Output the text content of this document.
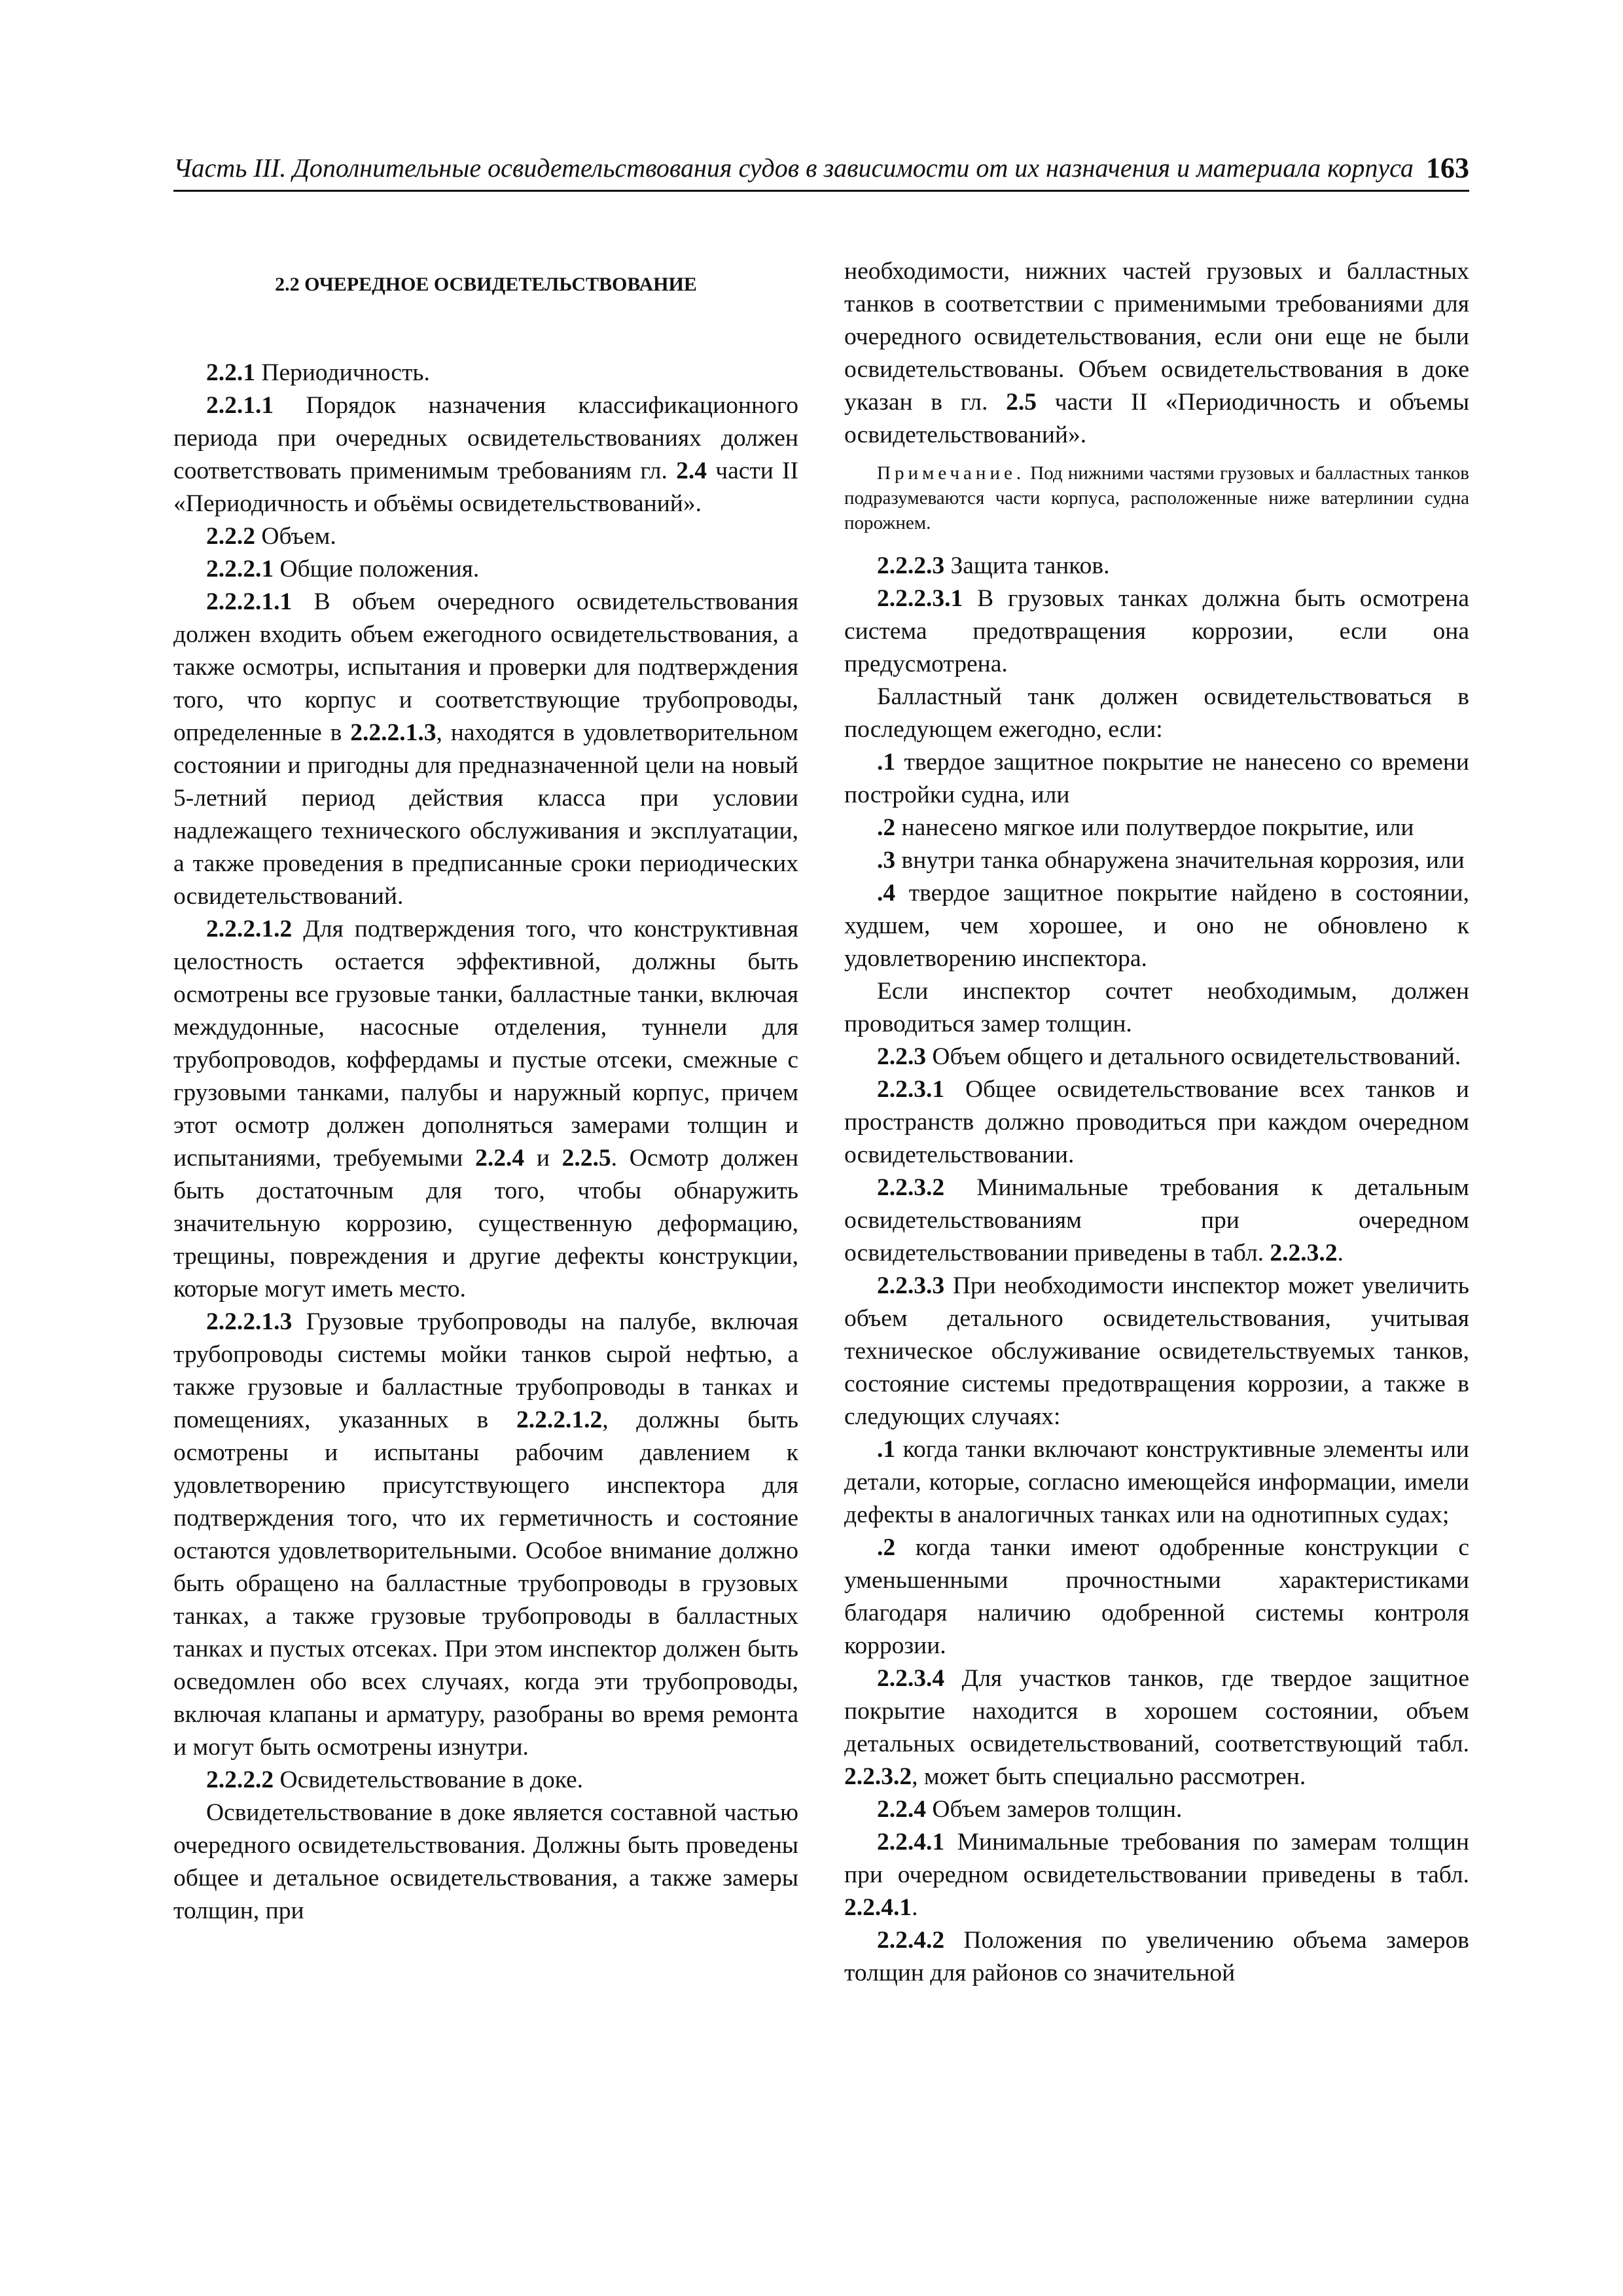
Часть III. Дополнительные освидетельствования судов в зависимости от их назначения и материала корпуса 163

2.2 ОЧЕРЕДНОЕ ОСВИДЕТЕЛЬСТВОВАНИЕ

2.2.1 Периодичность.

2.2.1.1 Порядок назначения классификационного периода при очередных освидетельствованиях должен соответствовать применимым требованиям гл. 2.4 части II «Периодичность и объёмы освидетельствований».

2.2.2 Объем.

2.2.2.1 Общие положения.

2.2.2.1.1 В объем очередного освидетельствования должен входить объем ежегодного освидетельствования, а также осмотры, испытания и проверки для подтверждения того, что корпус и соответствующие трубопроводы, определенные в 2.2.2.1.3, находятся в удовлетворительном состоянии и пригодны для предназначенной цели на новый 5-летний период действия класса при условии надлежащего технического обслуживания и эксплуатации, а также проведения в предписанные сроки периодических освидетельствований.

2.2.2.1.2 Для подтверждения того, что конструктивная целостность остается эффективной, должны быть осмотрены все грузовые танки, балластные танки, включая междудонные, насосные отделения, туннели для трубопроводов, коффердамы и пустые отсеки, смежные с грузовыми танками, палубы и наружный корпус, причем этот осмотр должен дополняться замерами толщин и испытаниями, требуемыми 2.2.4 и 2.2.5. Осмотр должен быть достаточным для того, чтобы обнаружить значительную коррозию, существенную деформацию, трещины, повреждения и другие дефекты конструкции, которые могут иметь место.

2.2.2.1.3 Грузовые трубопроводы на палубе, включая трубопроводы системы мойки танков сырой нефтью, а также грузовые и балластные трубопроводы в танках и помещениях, указанных в 2.2.2.1.2, должны быть осмотрены и испытаны рабочим давлением к удовлетворению присутствующего инспектора для подтверждения того, что их герметичность и состояние остаются удовлетворительными. Особое внимание должно быть обращено на балластные трубопроводы в грузовых танках, а также грузовые трубопроводы в балластных танках и пустых отсеках. При этом инспектор должен быть осведомлен обо всех случаях, когда эти трубопроводы, включая клапаны и арматуру, разобраны во время ремонта и могут быть осмотрены изнутри.

2.2.2.2 Освидетельствование в доке.

Освидетельствование в доке является составной частью очередного освидетельствования. Должны быть проведены общее и детальное освидетельствования, а также замеры толщин, при

необходимости, нижних частей грузовых и балластных танков в соответствии с применимыми требованиями для очередного освидетельствования, если они еще не были освидетельствованы. Объем освидетельствования в доке указан в гл. 2.5 части II «Периодичность и объемы освидетельствований».

Примечание. Под нижними частями грузовых и балластных танков подразумеваются части корпуса, расположенные ниже ватерлинии судна порожнем.

2.2.2.3 Защита танков.

2.2.2.3.1 В грузовых танках должна быть осмотрена система предотвращения коррозии, если она предусмотрена.

Балластный танк должен освидетельствоваться в последующем ежегодно, если:

.1 твердое защитное покрытие не нанесено со времени постройки судна, или

.2 нанесено мягкое или полутвердое покрытие, или

.3 внутри танка обнаружена значительная коррозия, или

.4 твердое защитное покрытие найдено в состоянии, худшем, чем хорошее, и оно не обновлено к удовлетворению инспектора.

Если инспектор сочтет необходимым, должен проводиться замер толщин.

2.2.3 Объем общего и детального освидетельствований.

2.2.3.1 Общее освидетельствование всех танков и пространств должно проводиться при каждом очередном освидетельствовании.

2.2.3.2 Минимальные требования к детальным освидетельствованиям при очередном освидетельствовании приведены в табл. 2.2.3.2.

2.2.3.3 При необходимости инспектор может увеличить объем детального освидетельствования, учитывая техническое обслуживание освидетельствуемых танков, состояние системы предотвращения коррозии, а также в следующих случаях:

.1 когда танки включают конструктивные элементы или детали, которые, согласно имеющейся информации, имели дефекты в аналогичных танках или на однотипных судах;

.2 когда танки имеют одобренные конструкции с уменьшенными прочностными характеристиками благодаря наличию одобренной системы контроля коррозии.

2.2.3.4 Для участков танков, где твердое защитное покрытие находится в хорошем состоянии, объем детальных освидетельствований, соответствующий табл. 2.2.3.2, может быть специально рассмотрен.

2.2.4 Объем замеров толщин.

2.2.4.1 Минимальные требования по замерам толщин при очередном освидетельствовании приведены в табл. 2.2.4.1.

2.2.4.2 Положения по увеличению объема замеров толщин для районов со значительной
